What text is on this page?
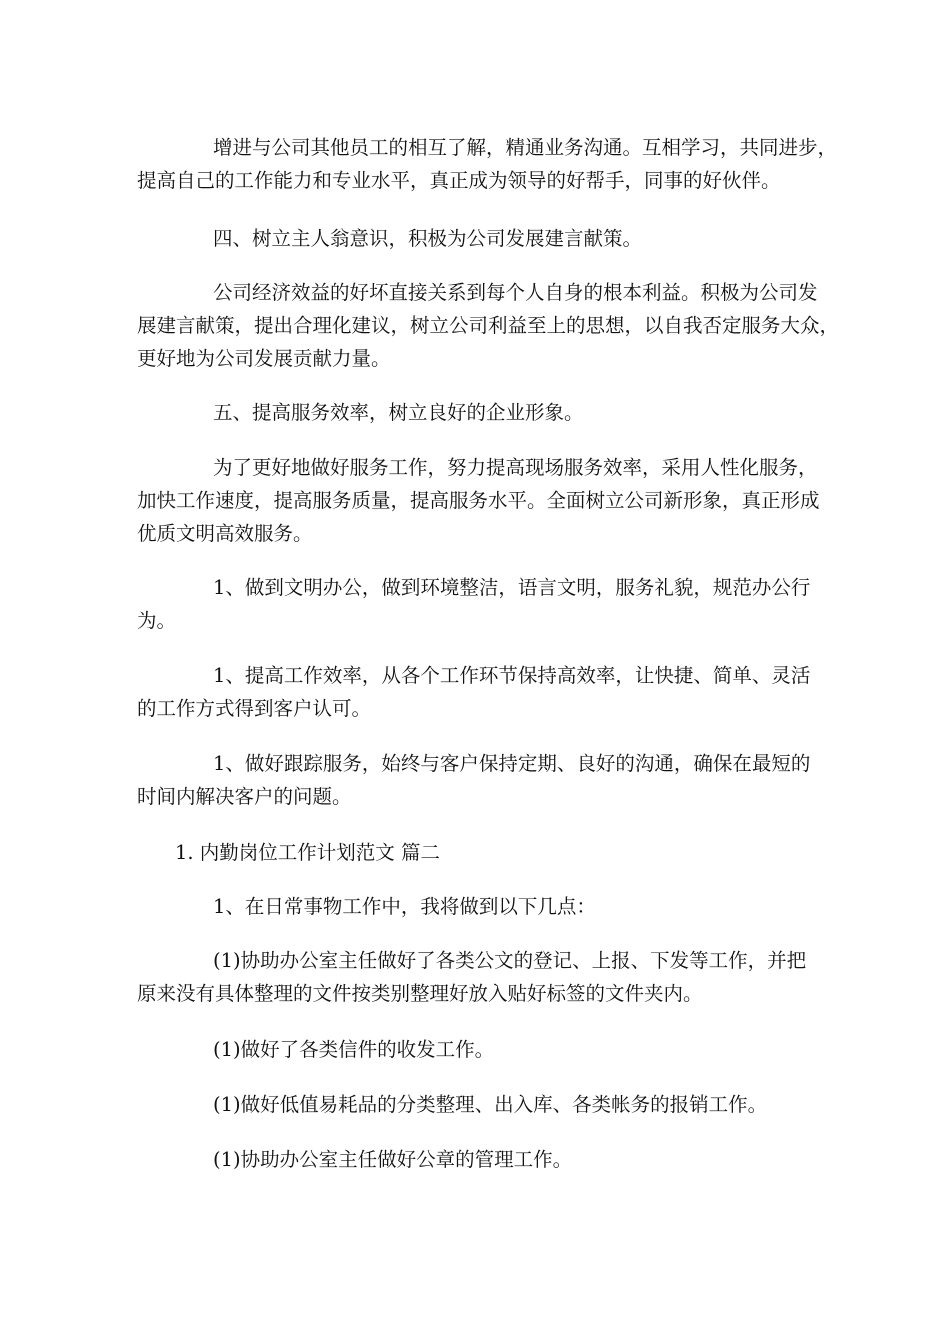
增进与公司其他员工的相互了解，精通业务沟通。互相学习，共同进步，
提高自己的工作能力和专业水平，真正成为领导的好帮手，同事的好伙伴。

四、树立主人翁意识，积极为公司发展建言献策。

公司经济效益的好坏直接关系到每个人自身的根本利益。积极为公司发
展建言献策，提出合理化建议，树立公司利益至上的思想，以自我否定服务大众，
更好地为公司发展贡献力量。

五、提高服务效率，树立良好的企业形象。

为了更好地做好服务工作，努力提高现场服务效率，采用人性化服务，
加快工作速度，提高服务质量，提高服务水平。全面树立公司新形象，真正形成
优质文明高效服务。

1、做到文明办公，做到环境整洁，语言文明，服务礼貌，规范办公行
为。

1、提高工作效率，从各个工作环节保持高效率，让快捷、简单、灵活
的工作方式得到客户认可。

1、做好跟踪服务，始终与客户保持定期、良好的沟通，确保在最短的
时间内解决客户的问题。

1. 内勤岗位工作计划范文 篇二

1、在日常事物工作中，我将做到以下几点：

(1)协助办公室主任做好了各类公文的登记、上报、下发等工作，并把
原来没有具体整理的文件按类别整理好放入贴好标签的文件夹内。

(1)做好了各类信件的收发工作。

(1)做好低值易耗品的分类整理、出入库、各类帐务的报销工作。

(1)协助办公室主任做好公章的管理工作。
